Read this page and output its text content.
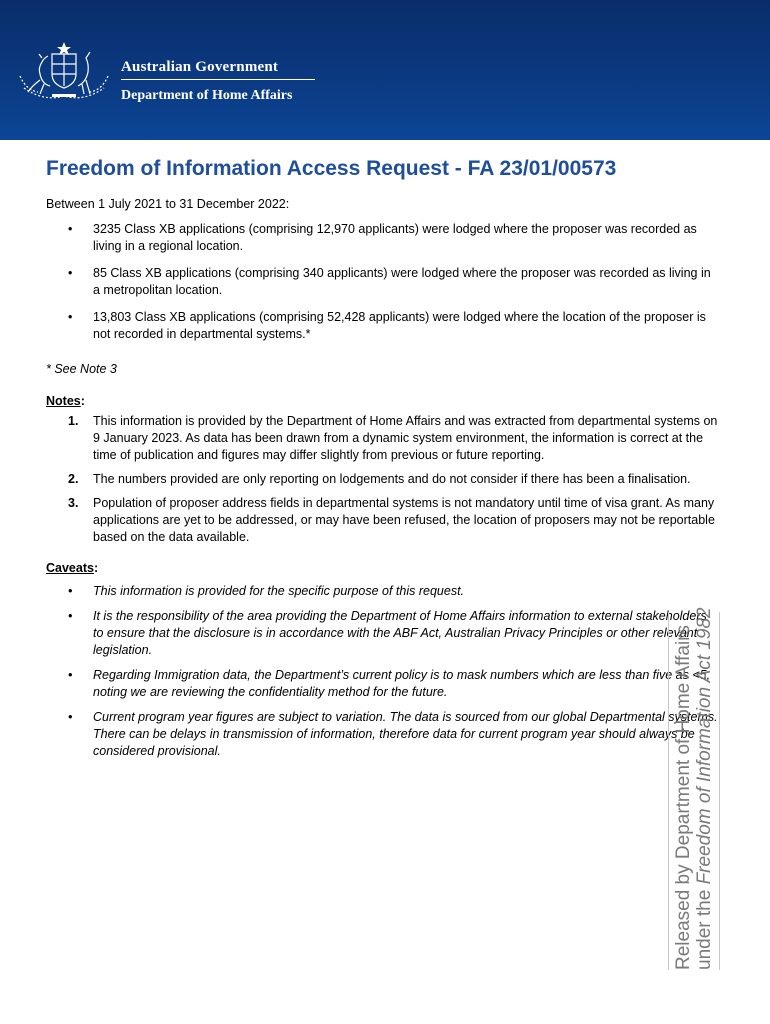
Australian Government
Department of Home Affairs
Freedom of Information Access Request - FA 23/01/00573

Between 1 July 2021 to 31 December 2022:

• 3235 Class XB applications (comprising 12,970 applicants) were lodged where the proposer was recorded as living in a regional location.
• 85 Class XB applications (comprising 340 applicants) were lodged where the proposer was recorded as living in a metropolitan location.
• 13,803 Class XB applications (comprising 52,428 applicants) were lodged where the location of the proposer is not recorded in departmental systems.*

* See Note 3

Notes:

1. This information is provided by the Department of Home Affairs and was extracted from departmental systems on 9 January 2023. As data has been drawn from a dynamic system environment, the information is correct at the time of publication and figures may differ slightly from previous or future reporting.
2. The numbers provided are only reporting on lodgements and do not consider if there has been a finalisation.
3. Population of proposer address fields in departmental systems is not mandatory until time of visa grant. As many applications are yet to be addressed, or may have been refused, the location of proposers may not be reportable based on the data available.

Caveats:

• This information is provided for the specific purpose of this request.
• It is the responsibility of the area providing the Department of Home Affairs information to external stakeholders to ensure that the disclosure is in accordance with the ABF Act, Australian Privacy Principles or other relevant legislation.
• Regarding Immigration data, the Department’s current policy is to mask numbers which are less than five as <5, noting we are reviewing the confidentiality method for the future.
• Current program year figures are subject to variation. The data is sourced from our global Departmental systems. There can be delays in transmission of information, therefore data for current program year should always be considered provisional.	Released by Department of Home Affairs under the Freedom of Information Act 1982
